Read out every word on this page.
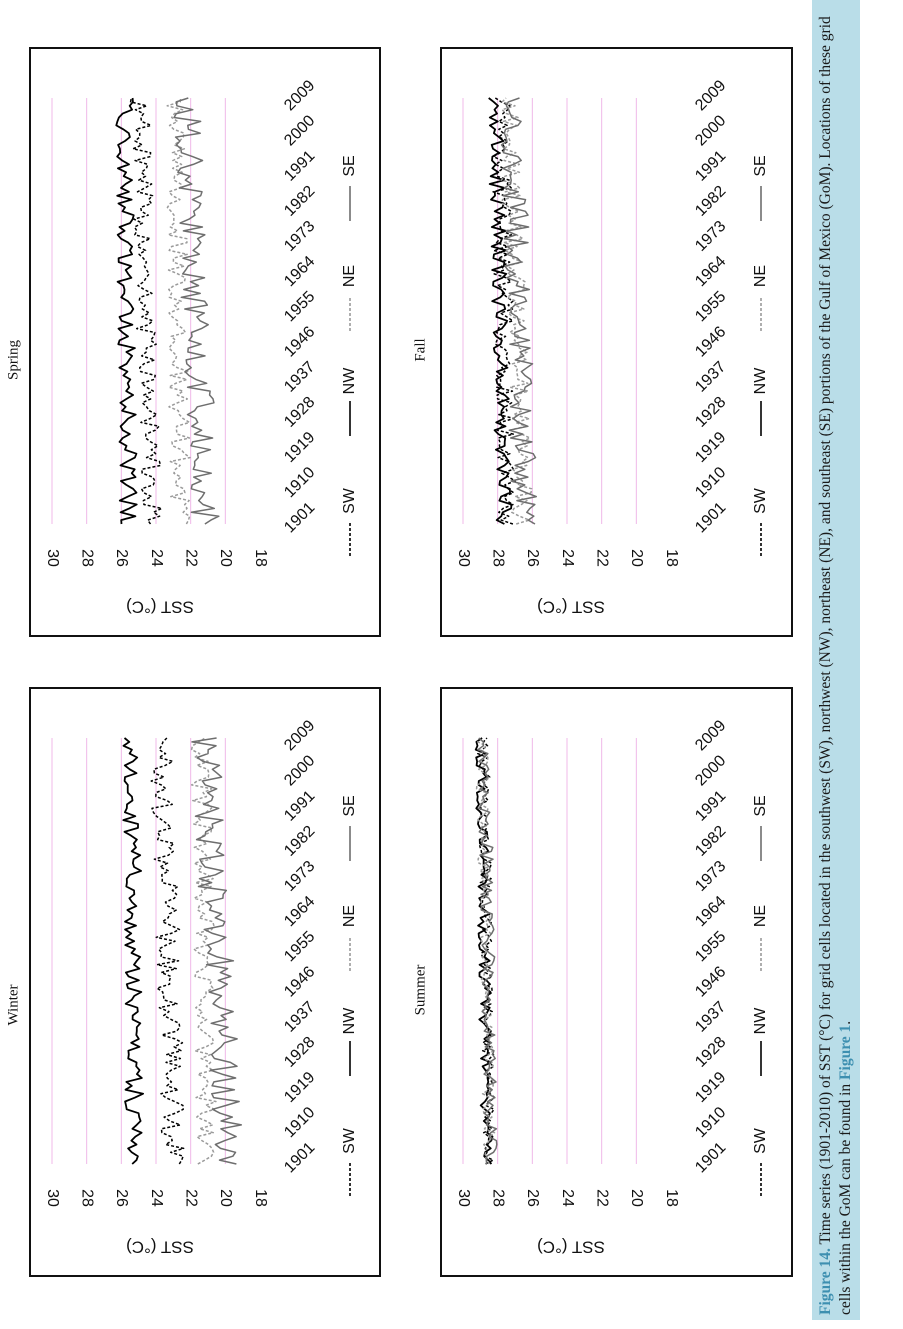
Winter
18
20
22
24
26
28
30
SST (°C)
1901
1910
1919
1928
1937
1946
1955
1964
1973
1982
1991
2000
2009
SW
NW
NE
SE
Spring
18
20
22
24
26
28
30
SST (°C)
1901
1910
1919
1928
1937
1946
1955
1964
1973
1982
1991
2000
2009
SW
NW
NE
SE
Summer
18
20
22
24
26
28
30
SST (°C)
1901
1910
1919
1928
1937
1946
1955
1964
1973
1982
1991
2000
2009
SW
NW
NE
SE
Fall
18
20
22
24
26
28
30
SST (°C)
1901
1910
1919
1928
1937
1946
1955
1964
1973
1982
1991
2000
2009
SW
NW
NE
SE
Figure 14. Time series (1901-2010) of SST (°C) for grid cells located in the southwest (SW), northwest (NW), northeast (NE), and southeast (SE) portions of the Gulf of Mexico (GoM). Locations of these grid cells within the GoM can be found in Figure 1.
